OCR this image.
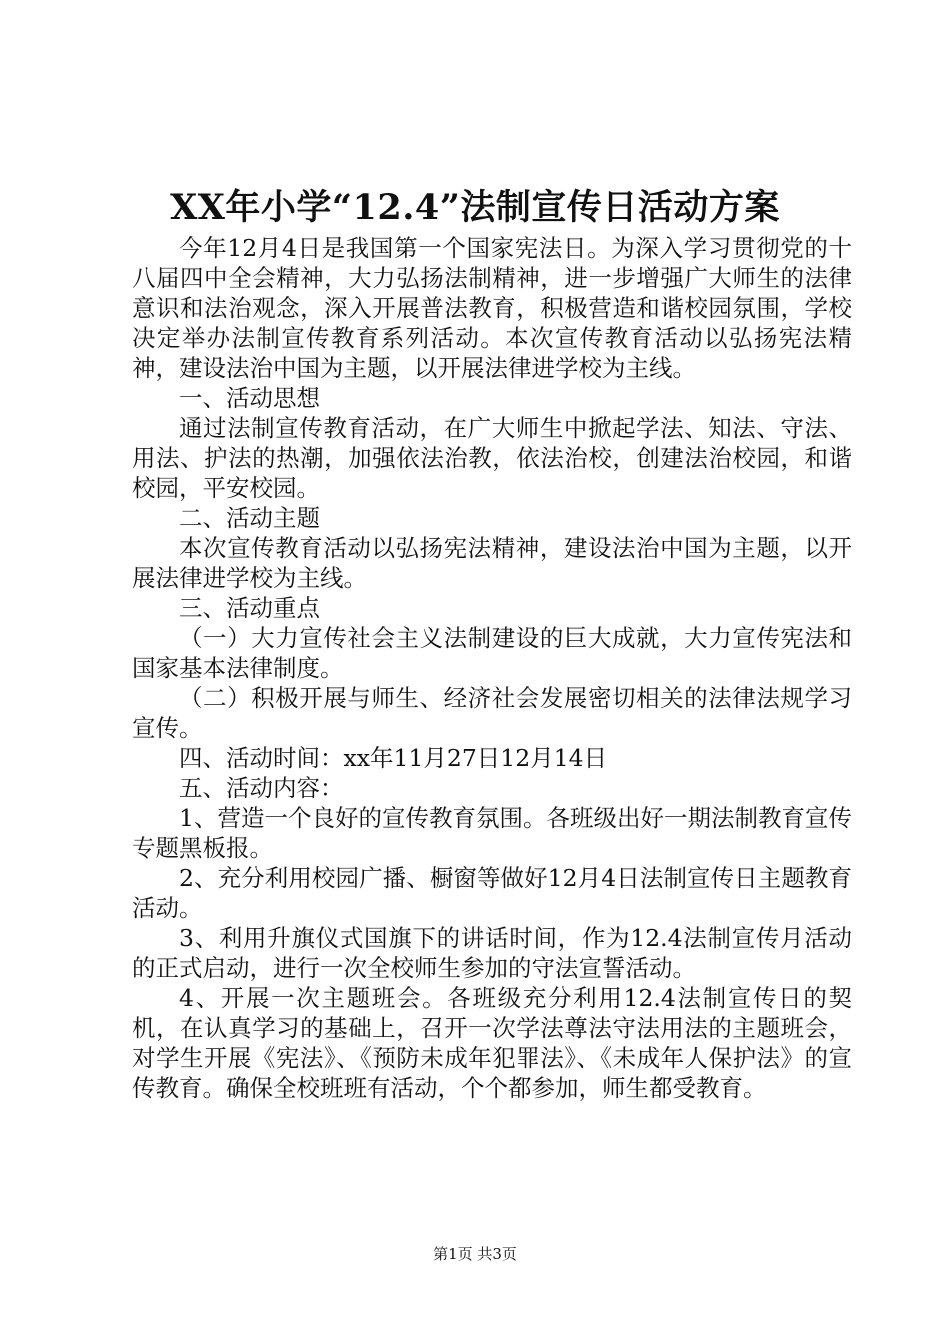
XX年小学“12.4”法制宣传日活动方案

今年12月4日是我国第一个国家宪法日。为深入学习贯彻党的十八届四中全会精神，大力弘扬法制精神，进一步增强广大师生的法律意识和法治观念，深入开展普法教育，积极营造和谐校园氛围，学校决定举办法制宣传教育系列活动。本次宣传教育活动以弘扬宪法精神，建设法治中国为主题，以开展法律进学校为主线。

一、活动思想

通过法制宣传教育活动，在广大师生中掀起学法、知法、守法、用法、护法的热潮，加强依法治教，依法治校，创建法治校园，和谐校园，平安校园。

二、活动主题

本次宣传教育活动以弘扬宪法精神，建设法治中国为主题，以开展法律进学校为主线。

三、活动重点

（一）大力宣传社会主义法制建设的巨大成就，大力宣传宪法和国家基本法律制度。

（二）积极开展与师生、经济社会发展密切相关的法律法规学习宣传。

四、活动时间：xx年11月27日12月14日

五、活动内容：

1、营造一个良好的宣传教育氛围。各班级出好一期法制教育宣传专题黑板报。

2、充分利用校园广播、橱窗等做好12月4日法制宣传日主题教育活动。

3、利用升旗仪式国旗下的讲话时间，作为12.4法制宣传月活动的正式启动，进行一次全校师生参加的守法宣誓活动。

4、开展一次主题班会。各班级充分利用12.4法制宣传日的契机，在认真学习的基础上，召开一次学法尊法守法用法的主题班会，对学生开展《宪法》、《预防未成年犯罪法》、《未成年人保护法》的宣传教育。确保全校班班有活动，个个都参加，师生都受教育。

第1页 共3页
